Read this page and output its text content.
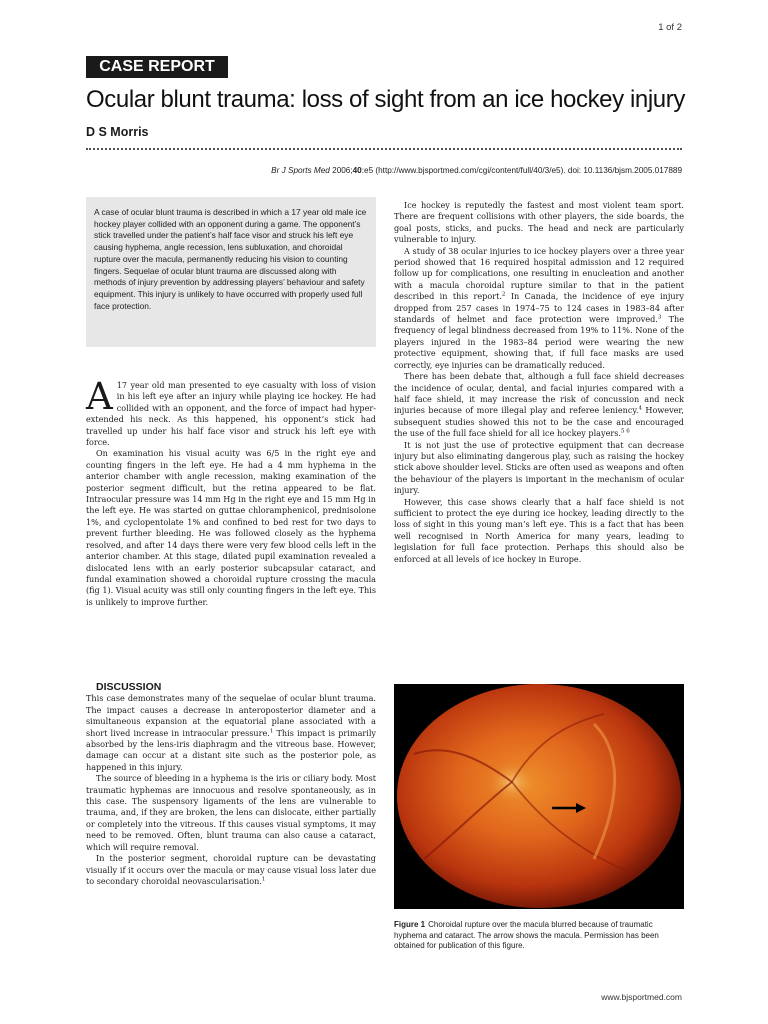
1 of 2
CASE REPORT
Ocular blunt trauma: loss of sight from an ice hockey injury
D S Morris
Br J Sports Med 2006;40:e5 (http://www.bjsportmed.com/cgi/content/full/40/3/e5). doi: 10.1136/bjsm.2005.017889

A case of ocular blunt trauma is described in which a 17 year old male ice hockey player collided with an opponent during a game. The opponent’s stick travelled under the patient’s half face visor and struck his left eye causing hyphema, angle recession, lens subluxation, and choroidal rupture over the macula, permanently reducing his vision to counting fingers. Sequelae of ocular blunt trauma are discussed along with methods of injury prevention by addressing players’ behaviour and safety equipment. This injury is unlikely to have occurred with properly used full face protection.

A 17 year old man presented to eye casualty with loss of vision in his left eye after an injury while playing ice hockey. He had collided with an opponent, and the force of impact had hyper-extended his neck. As this happened, his opponent’s stick had travelled up under his half face visor and struck his left eye with force.

On examination his visual acuity was 6/5 in the right eye and counting fingers in the left eye. He had a 4 mm hyphema in the anterior chamber with angle recession, making examination of the posterior segment difficult, but the retina appeared to be flat. Intraocular pressure was 14 mm Hg in the right eye and 15 mm Hg in the left eye. He was started on guttae chloramphenicol, prednisolone 1%, and cyclopentolate 1% and confined to bed rest for two days to prevent further bleeding. He was followed closely as the hyphema resolved, and after 14 days there were very few blood cells left in the anterior chamber. At this stage, dilated pupil examination revealed a dislocated lens with an early posterior subcapsular cataract, and fundal examination showed a choroidal rupture crossing the macula (fig 1). Visual acuity was still only counting fingers in the left eye. This is unlikely to improve further.

DISCUSSION

This case demonstrates many of the sequelae of ocular blunt trauma. The impact causes a decrease in anteroposterior diameter and a simultaneous expansion at the equatorial plane associated with a short lived increase in intraocular pressure.$^1$ This impact is primarily absorbed by the lens-iris diaphragm and the vitreous base. However, damage can occur at a distant site such as the posterior pole, as happened in this injury.

The source of bleeding in a hyphema is the iris or ciliary body. Most traumatic hyphemas are innocuous and resolve spontaneously, as in this case. The suspensory ligaments of the lens are vulnerable to trauma, and, if they are broken, the lens can dislocate, either partially or completely into the vitreous. If this causes visual symptoms, it may need to be removed. Often, blunt trauma can also cause a cataract, which will require removal.

In the posterior segment, choroidal rupture can be devastating visually if it occurs over the macula or may cause visual loss later due to secondary choroidal neovascularisation.$^1$

Ice hockey is reputedly the fastest and most violent team sport. There are frequent collisions with other players, the side boards, the goal posts, sticks, and pucks. The head and neck are particularly vulnerable to injury.

A study of 38 ocular injuries to ice hockey players over a three year period showed that 16 required hospital admission and 12 required follow up for complications, one resulting in enucleation and another with a macula choroidal rupture similar to that in the patient described in this report.$^2$ In Canada, the incidence of eye injury dropped from 257 cases in 1974–75 to 124 cases in 1983–84 after standards of helmet and face protection were improved.$^3$ The frequency of legal blindness decreased from 19% to 11%. None of the players injured in the 1983–84 period were wearing the new protective equipment, showing that, if full face masks are used correctly, eye injuries can be dramatically reduced.

There has been debate that, although a full face shield decreases the incidence of ocular, dental, and facial injuries compared with a half face shield, it may increase the risk of concussion and neck injuries because of more illegal play and referee leniency.$^4$ However, subsequent studies showed this not to be the case and encouraged the use of the full face shield for all ice hockey players.$^{5 6}$

It is not just the use of protective equipment that can decrease injury but also eliminating dangerous play, such as raising the hockey stick above shoulder level. Sticks are often used as weapons and often the behaviour of the players is important in the mechanism of ocular injury.

However, this case shows clearly that a half face shield is not sufficient to protect the eye during ice hockey, leading directly to the loss of sight in this young man’s left eye. This is a fact that has been well recognised in North America for many years, leading to legislation for full face protection. Perhaps this should also be enforced at all levels of ice hockey in Europe.

Figure 1 Choroidal rupture over the macula blurred because of traumatic hyphema and cataract. The arrow shows the macula. Permission has been obtained for publication of this figure.
www.bjsportmed.com
